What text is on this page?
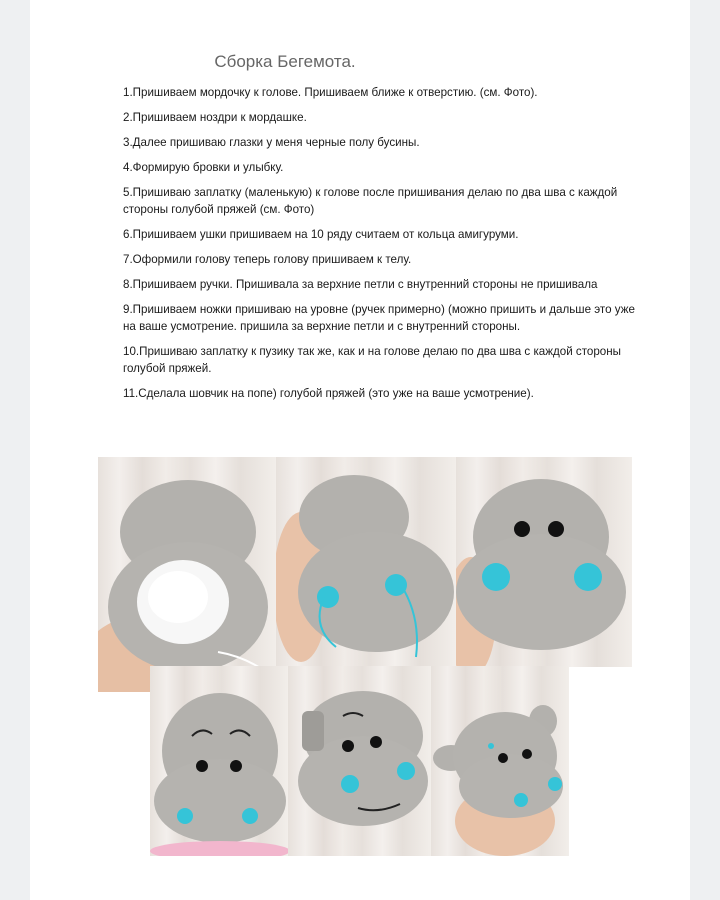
Сборка Бегемота.

1.Пришиваем мордочку к голове. Пришиваем ближе к отверстию. (см. Фото).

2.Пришиваем ноздри к мордашке.

3.Далее пришиваю глазки у меня черные полу бусины.

4.Формирую бровки и улыбку.

5.Пришиваю заплатку (маленькую) к голове после пришивания делаю по два шва с каждой стороны голубой пряжей (см. Фото)

6.Пришиваем ушки пришиваем на 10 ряду считаем от кольца амигуруми.

7.Оформили голову теперь голову пришиваем к телу.

8.Пришиваем ручки. Пришивала за верхние петли с внутренний стороны не пришивала

9.Пришиваем ножки пришиваю на уровне (ручек примерно) (можно пришить и дальше это уже на ваше усмотрение. пришила за верхние петли и с внутренний стороны.

10.Пришиваю заплатку к пузику так же, как и на голове делаю по два шва с каждой стороны голубой пряжей.

11.Сделала шовчик на попе) голубой пряжей (это уже на ваше усмотрение).
